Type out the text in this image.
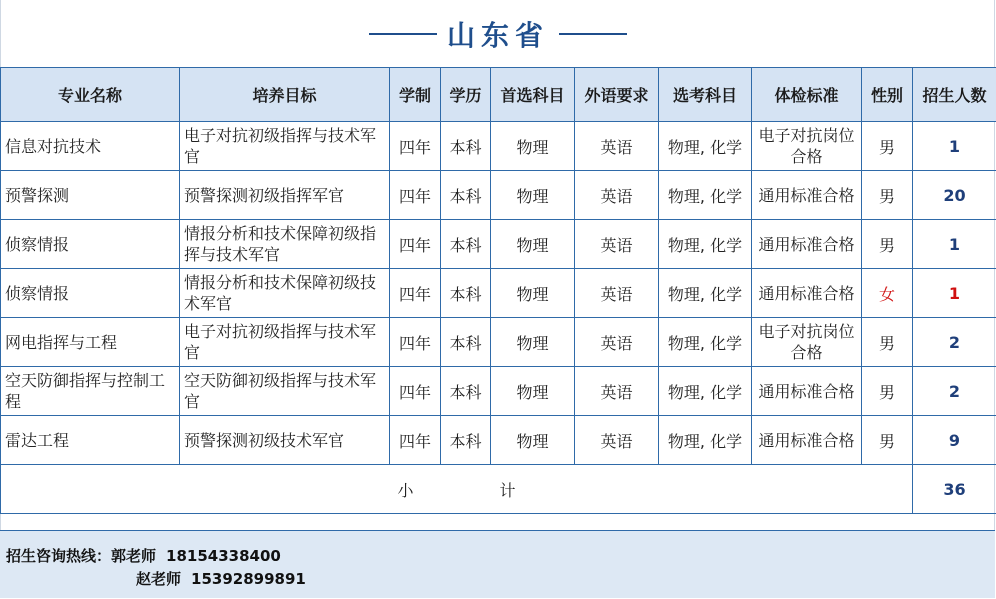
山东省
专业名称	培养目标	学制	学历	首选科目	外语要求	选考科目	体检标准	性别	招生人数
信息对抗技术	电子对抗初级指挥与技术军官	四年	本科	物理	英语	物理, 化学	电子对抗岗位合格	男	1
预警探测	预警探测初级指挥军官	四年	本科	物理	英语	物理, 化学	通用标准合格	男	20
侦察情报	情报分析和技术保障初级指挥与技术军官	四年	本科	物理	英语	物理, 化学	通用标准合格	男	1
侦察情报	情报分析和技术保障初级技术军官	四年	本科	物理	英语	物理, 化学	通用标准合格	女	1
网电指挥与工程	电子对抗初级指挥与技术军官	四年	本科	物理	英语	物理, 化学	电子对抗岗位合格	男	2
空天防御指挥与控制工程	空天防御初级指挥与技术军官	四年	本科	物理	英语	物理, 化学	通用标准合格	男	2
雷达工程	预警探测初级技术军官	四年	本科	物理	英语	物理, 化学	通用标准合格	男	9
小 计									36
招生咨询热线：郭老师 18154338400
赵老师 15392899891
